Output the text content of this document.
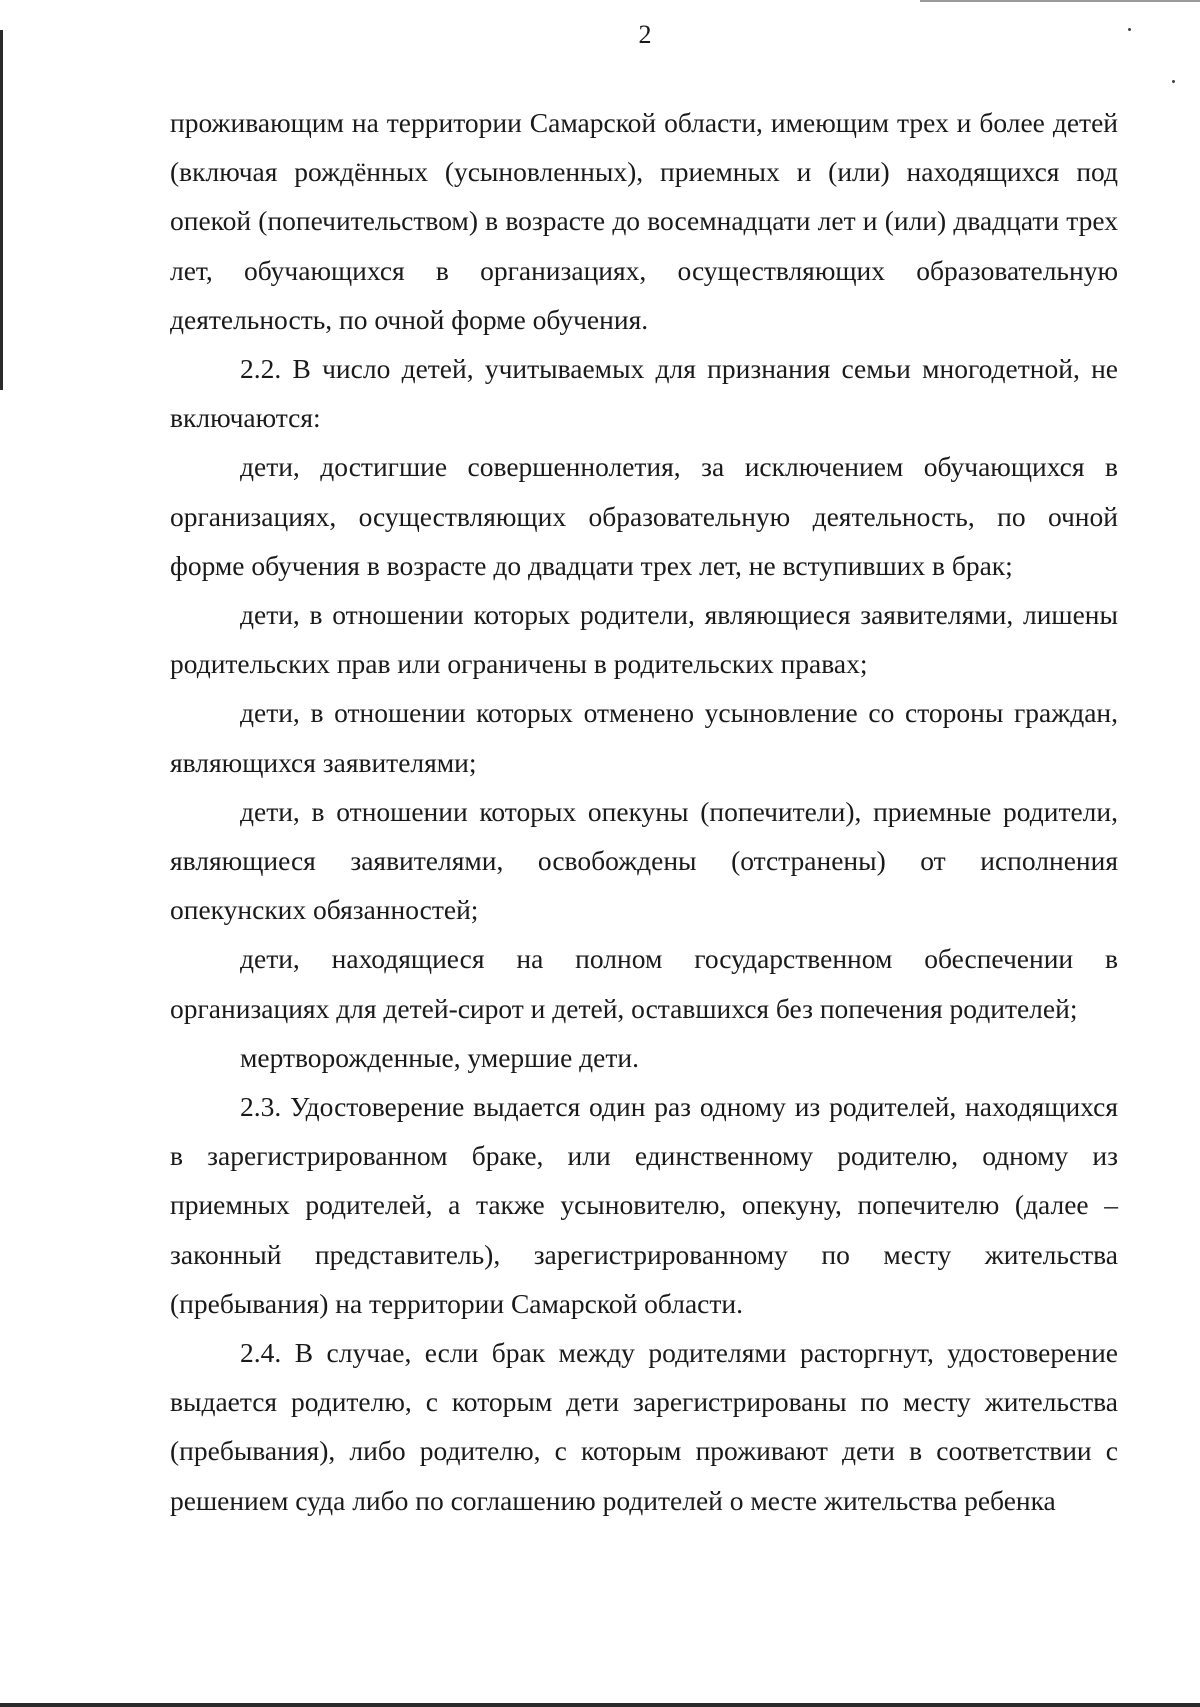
2

проживающим на территории Самарской области, имеющим трех и более детей (включая рождённых (усыновленных), приемных и (или) находящихся под опекой (попечительством) в возрасте до восемнадцати лет и (или) двадцати трех лет, обучающихся в организациях, осуществляющих образовательную деятельность, по очной форме обучения.

2.2. В число детей, учитываемых для признания семьи многодетной, не включаются:

дети, достигшие совершеннолетия, за исключением обучающихся в организациях, осуществляющих образовательную деятельность, по очной форме обучения в возрасте до двадцати трех лет, не вступивших в брак;

дети, в отношении которых родители, являющиеся заявителями, лишены родительских прав или ограничены в родительских правах;

дети, в отношении которых отменено усыновление со стороны граждан, являющихся заявителями;

дети, в отношении которых опекуны (попечители), приемные родители, являющиеся заявителями, освобождены (отстранены) от исполнения опекунских обязанностей;

дети, находящиеся на полном государственном обеспечении в организациях для детей-сирот и детей, оставшихся без попечения родителей;

мертворожденные, умершие дети.

2.3. Удостоверение выдается один раз одному из родителей, находящихся в зарегистрированном браке, или единственному родителю, одному из приемных родителей, а также усыновителю, опекуну, попечителю (далее – законный представитель), зарегистрированному по месту жительства (пребывания) на территории Самарской области.

2.4. В случае, если брак между родителями расторгнут, удостоверение выдается родителю, с которым дети зарегистрированы по месту жительства (пребывания), либо родителю, с которым проживают дети в соответствии с решением суда либо по соглашению родителей о месте жительства ребенка
